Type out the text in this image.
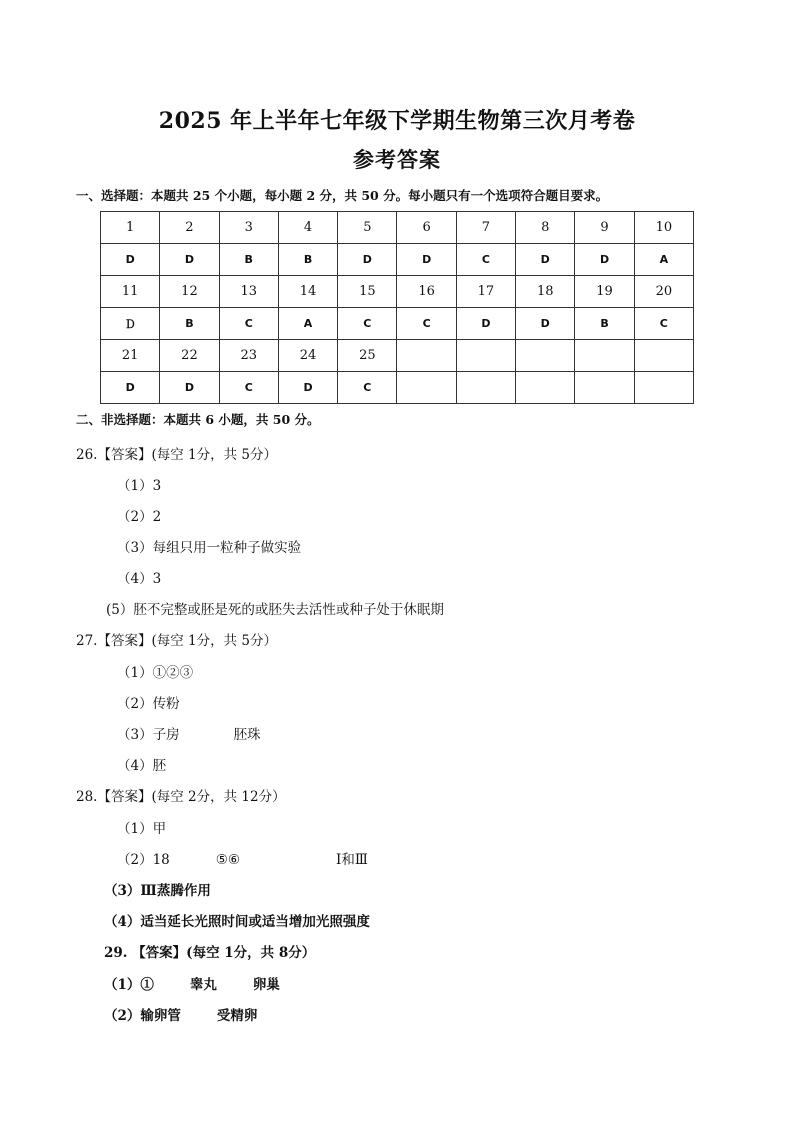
2025 年上半年七年级下学期生物第三次月考卷
参考答案
一、选择题：本题共 25 个小题，每小题 2 分，共 50 分。每小题只有一个选项符合题目要求。
1	2	3	4	5	6	7	8	9	10
D	D	B	B	D	D	C	D	D	A
11	12	13	14	15	16	17	18	19	20
Ｄ	B	C	A	C	C	D	D	B	C
21	22	23	24	25					
D	D	C	D	C					
二、非选择题：本题共 6 小题，共 50 分。
26.【答案】(每空 1分，共 5分）
（1）3
（2）2
（3）每组只用一粒种子做实验
（4）3
(5）胚不完整或胚是死的或胚失去活性或种子处于休眠期
27.【答案】(每空 1分，共 5分）
（1）①②③
（2）传粉
（3）子房	胚珠
（4）胚
28.【答案】(每空 2分，共 12分）
（1）甲
（2）18	⑤⑥	Ⅰ和Ⅲ
（3）Ⅲ蒸腾作用
（4）适当延长光照时间或适当增加光照强度
29. 【答案】(每空 1分，共 8分）
（1）①	睾丸	卵巢
（2）输卵管	受精卵
